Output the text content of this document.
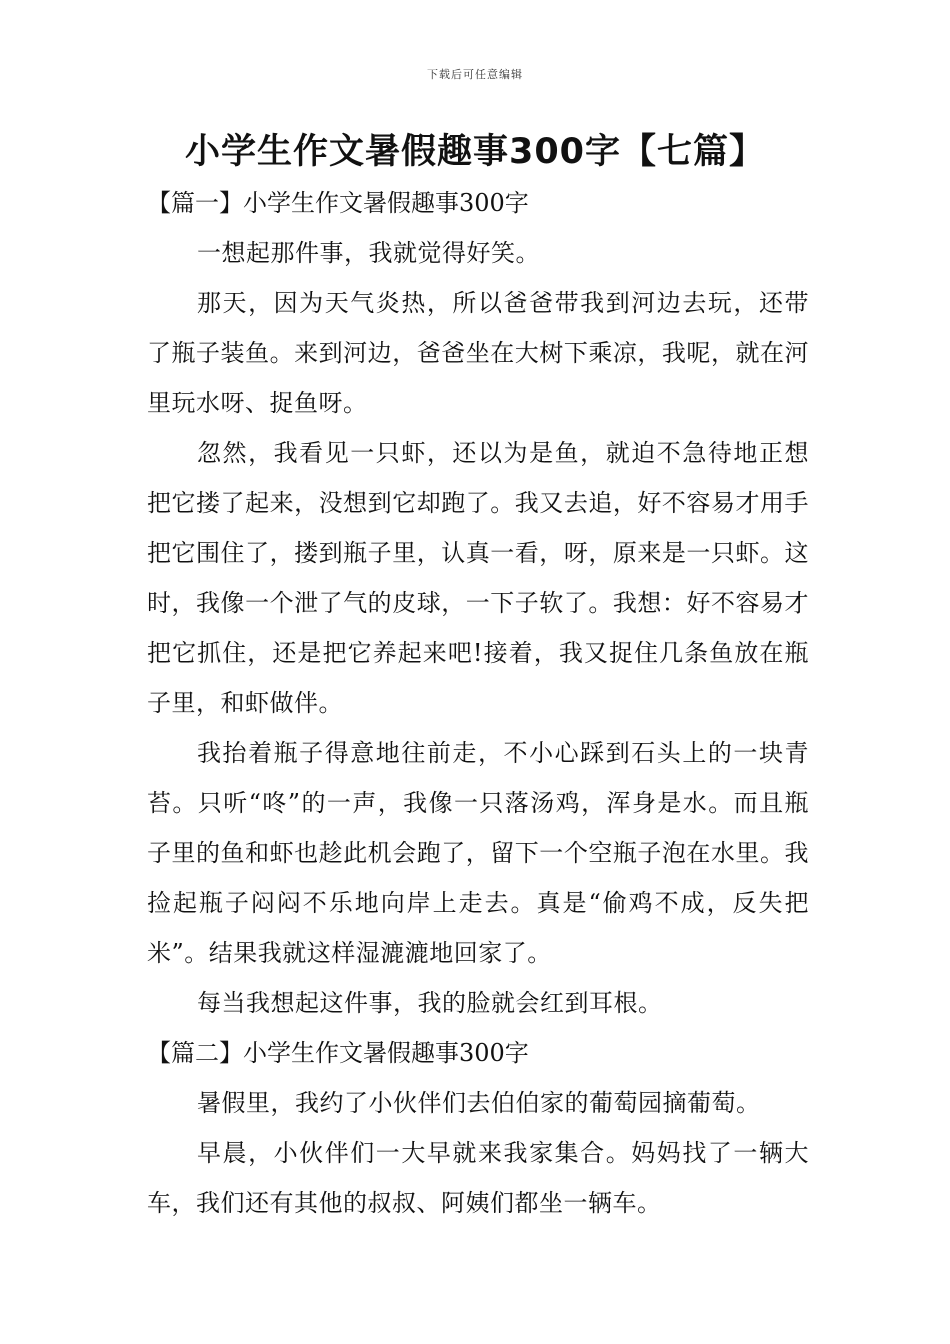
下载后可任意编辑
小学生作文暑假趣事300字【七篇】

【篇一】小学生作文暑假趣事300字

一想起那件事，我就觉得好笑。

那天，因为天气炎热，所以爸爸带我到河边去玩，还带了瓶子装鱼。来到河边，爸爸坐在大树下乘凉，我呢，就在河里玩水呀、捉鱼呀。

忽然，我看见一只虾，还以为是鱼，就迫不急待地正想把它搂了起来，没想到它却跑了。我又去追，好不容易才用手把它围住了，搂到瓶子里，认真一看，呀，原来是一只虾。这时，我像一个泄了气的皮球，一下子软了。我想：好不容易才把它抓住，还是把它养起来吧!接着，我又捉住几条鱼放在瓶子里，和虾做伴。

我抬着瓶子得意地往前走，不小心踩到石头上的一块青苔。只听“咚”的一声，我像一只落汤鸡，浑身是水。而且瓶子里的鱼和虾也趁此机会跑了，留下一个空瓶子泡在水里。我捡起瓶子闷闷不乐地向岸上走去。真是“偷鸡不成，反失把米”。结果我就这样湿漉漉地回家了。

每当我想起这件事，我的脸就会红到耳根。

【篇二】小学生作文暑假趣事300字

暑假里，我约了小伙伴们去伯伯家的葡萄园摘葡萄。

早晨，小伙伴们一大早就来我家集合。妈妈找了一辆大车，我们还有其他的叔叔、阿姨们都坐一辆车。
